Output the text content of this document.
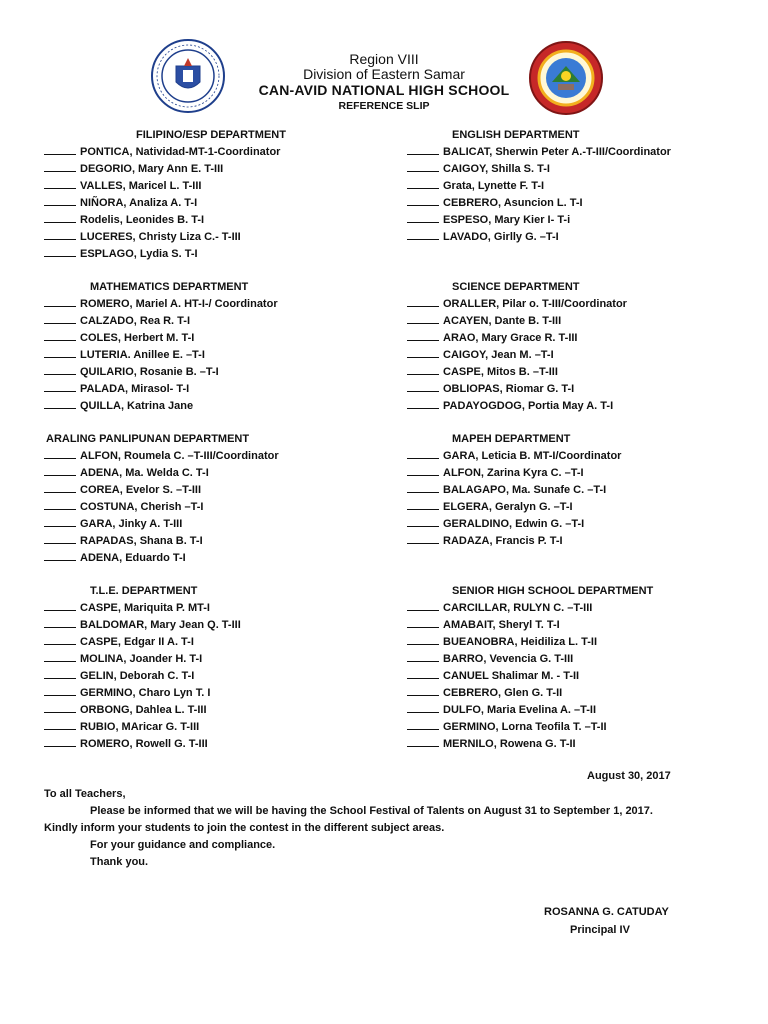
Region VIII
Division of Eastern Samar
CAN-AVID NATIONAL HIGH SCHOOL
REFERENCE SLIP
FILIPINO/ESP DEPARTMENT
PONTICA, Natividad-MT-1-Coordinator
DEGORIO, Mary Ann E. T-III
VALLES, Maricel L. T-III
NIÑORA, Analiza A. T-I
Rodelis, Leonides B. T-I
LUCERES, Christy Liza C.- T-III
ESPLAGO, Lydia S. T-I
ENGLISH DEPARTMENT
BALICAT, Sherwin Peter A.-T-III/Coordinator
CAIGOY, Shilla S. T-I
Grata, Lynette F. T-I
CEBRERO, Asuncion L. T-I
ESPESO, Mary Kier I- T-i
LAVADO, Girlly G. –T-I
MATHEMATICS DEPARTMENT
ROMERO, Mariel A. HT-I-/ Coordinator
CALZADO, Rea R. T-I
COLES, Herbert M. T-I
LUTERIA. Anillee E. –T-I
QUILARIO, Rosanie B. –T-I
PALADA, Mirasol- T-I
QUILLA, Katrina Jane
SCIENCE DEPARTMENT
ORALLER, Pilar o. T-III/Coordinator
ACAYEN, Dante B. T-III
ARAO, Mary Grace R. T-III
CAIGOY, Jean M. –T-I
CASPE, Mitos B. –T-III
OBLIOPAS, Riomar G. T-I
PADAYOGDOG, Portia May A. T-I
ARALING PANLIPUNAN DEPARTMENT
ALFON, Roumela C. –T-III/Coordinator
ADENA, Ma. Welda C. T-I
COREA, Evelor S. –T-III
COSTUNA, Cherish –T-I
GARA, Jinky A. T-III
RAPADAS, Shana B. T-I
ADENA, Eduardo T-I
MAPEH DEPARTMENT
GARA, Leticia B. MT-I/Coordinator
ALFON, Zarina Kyra C. –T-I
BALAGAPO, Ma. Sunafe C. –T-I
ELGERA, Geralyn G. –T-I
GERALDINO, Edwin G. –T-I
RADAZA, Francis P. T-I
T.L.E. DEPARTMENT
CASPE, Mariquita P. MT-I
BALDOMAR, Mary Jean Q. T-III
CASPE, Edgar II A. T-I
MOLINA, Joander H. T-I
GELIN, Deborah C. T-I
GERMINO, Charo Lyn T. I
ORBONG, Dahlea L. T-III
RUBIO, MAricar G. T-III
ROMERO, Rowell G. T-III
SENIOR HIGH SCHOOL DEPARTMENT
CARCILLAR, RULYN C. –T-III
AMABAIT, Sheryl T. T-I
BUEANOBRA, Heidiliza L. T-II
BARRO, Vevencia G. T-III
CANUEL Shalimar M. - T-II
CEBRERO, Glen G. T-II
DULFO, Maria Evelina A. –T-II
GERMINO, Lorna Teofila T. –T-II
MERNILO, Rowena G. T-II
August 30, 2017
To all Teachers,
Please be informed that we will be having the School Festival of Talents on August 31 to September 1, 2017.
Kindly inform your students to join the contest in the different subject areas.
For your guidance and compliance.
Thank you.
ROSANNA G. CATUDAY
Principal IV
